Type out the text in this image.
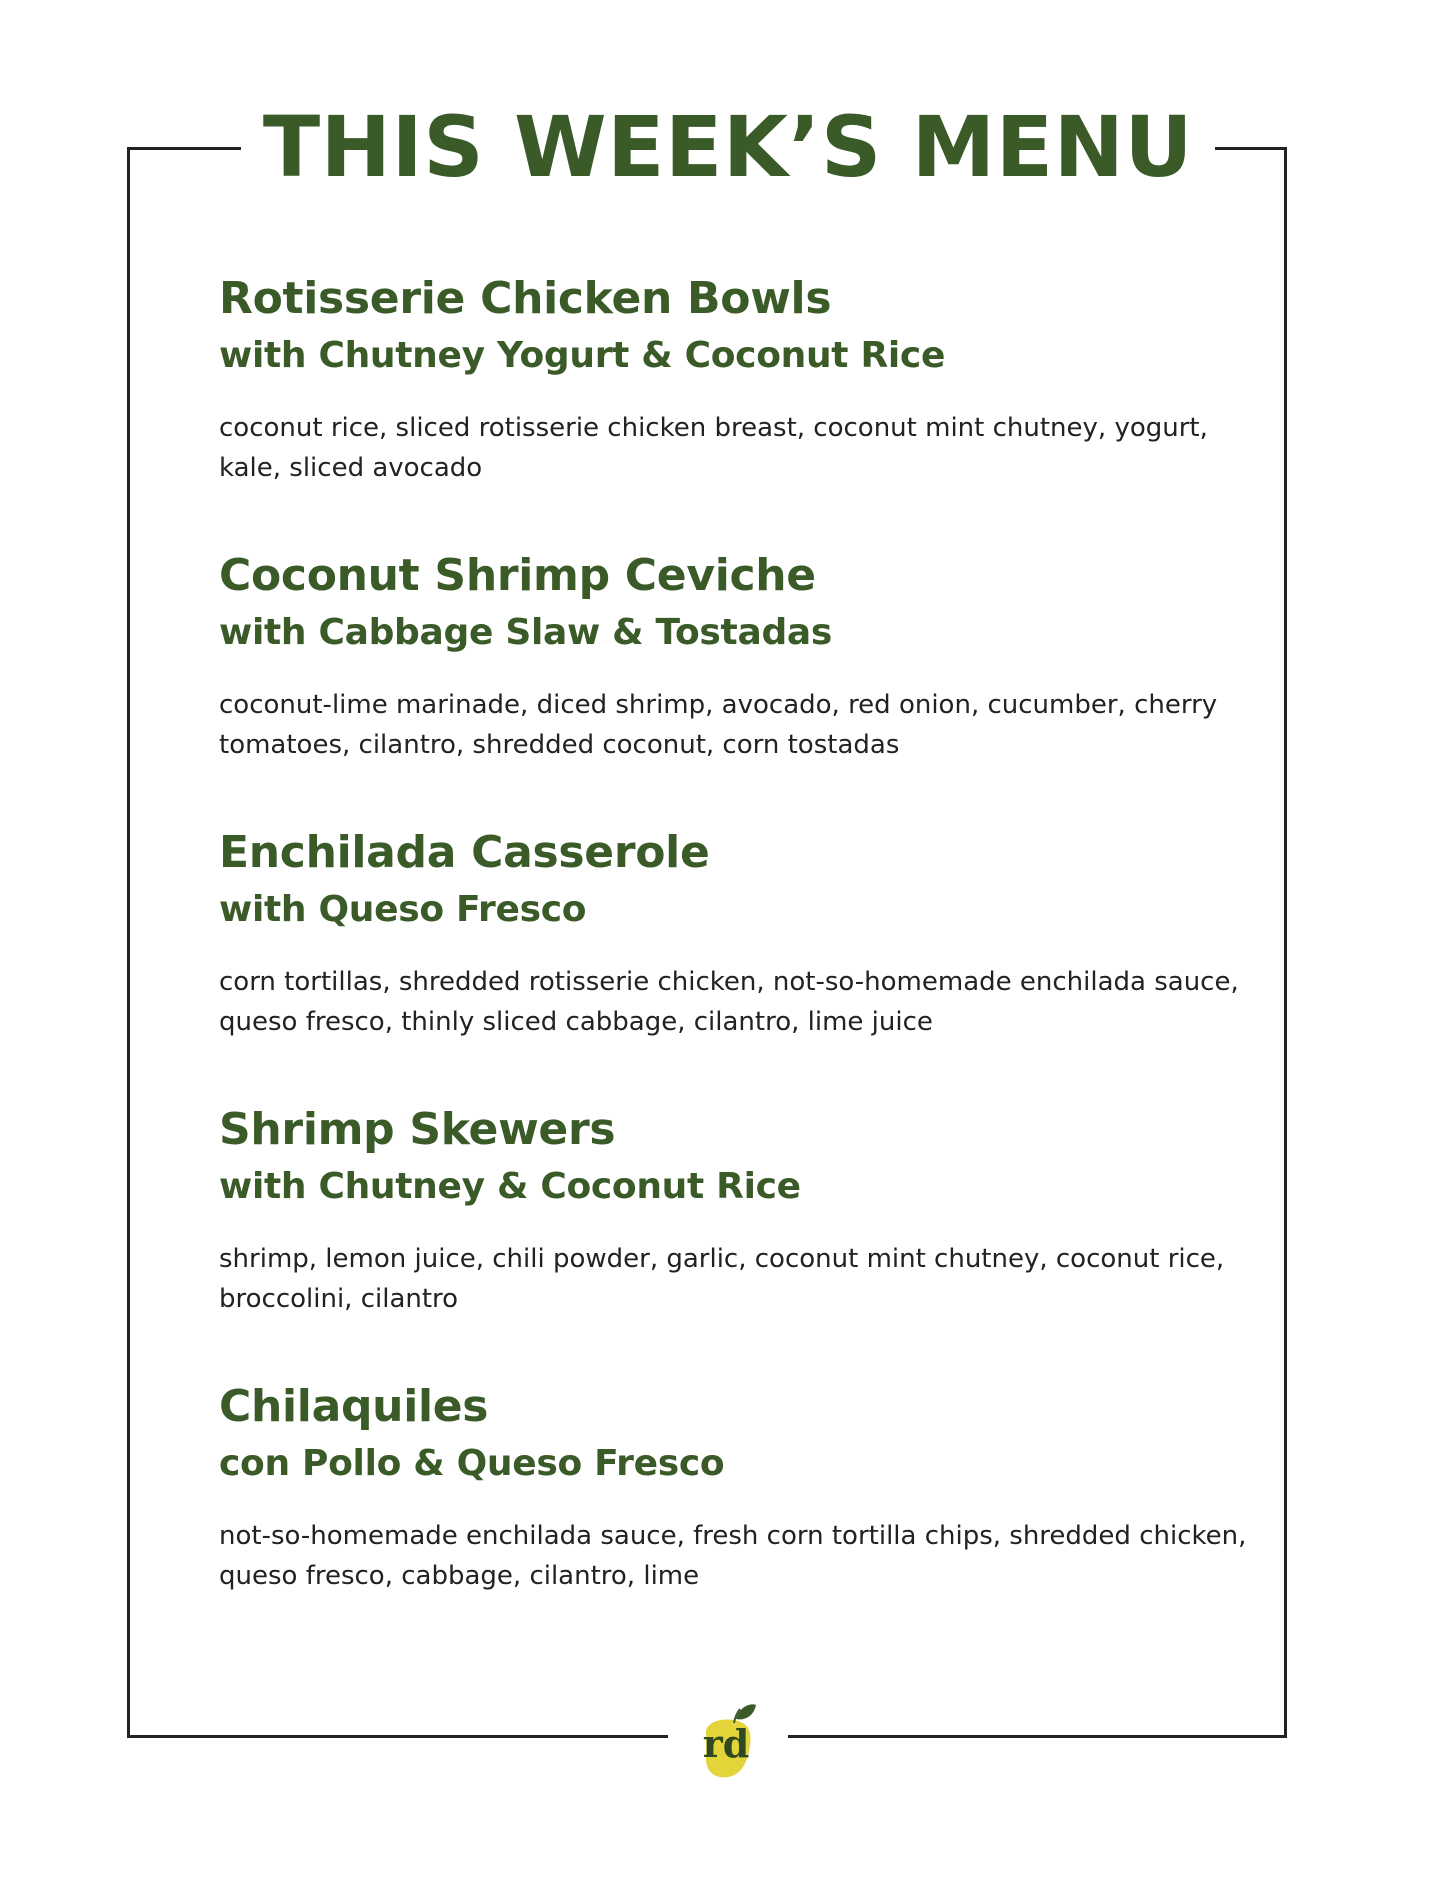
THIS WEEK’S MENU
Rotisserie Chicken Bowls
with Chutney Yogurt & Coconut Rice

coconut rice, sliced rotisserie chicken breast, coconut mint chutney, yogurt, kale, sliced avocado

Coconut Shrimp Ceviche
with Cabbage Slaw & Tostadas

coconut-lime marinade, diced shrimp, avocado, red onion, cucumber, cherry tomatoes, cilantro, shredded coconut, corn tostadas

Enchilada Casserole
with Queso Fresco

corn tortillas, shredded rotisserie chicken, not-so-homemade enchilada sauce, queso fresco, thinly sliced cabbage, cilantro, lime juice

Shrimp Skewers
with Chutney & Coconut Rice

shrimp, lemon juice, chili powder, garlic, coconut mint chutney, coconut rice, broccolini, cilantro

Chilaquiles
con Pollo & Queso Fresco

not-so-homemade enchilada sauce, fresh corn tortilla chips, shredded chicken, queso fresco, cabbage, cilantro, lime

rd
